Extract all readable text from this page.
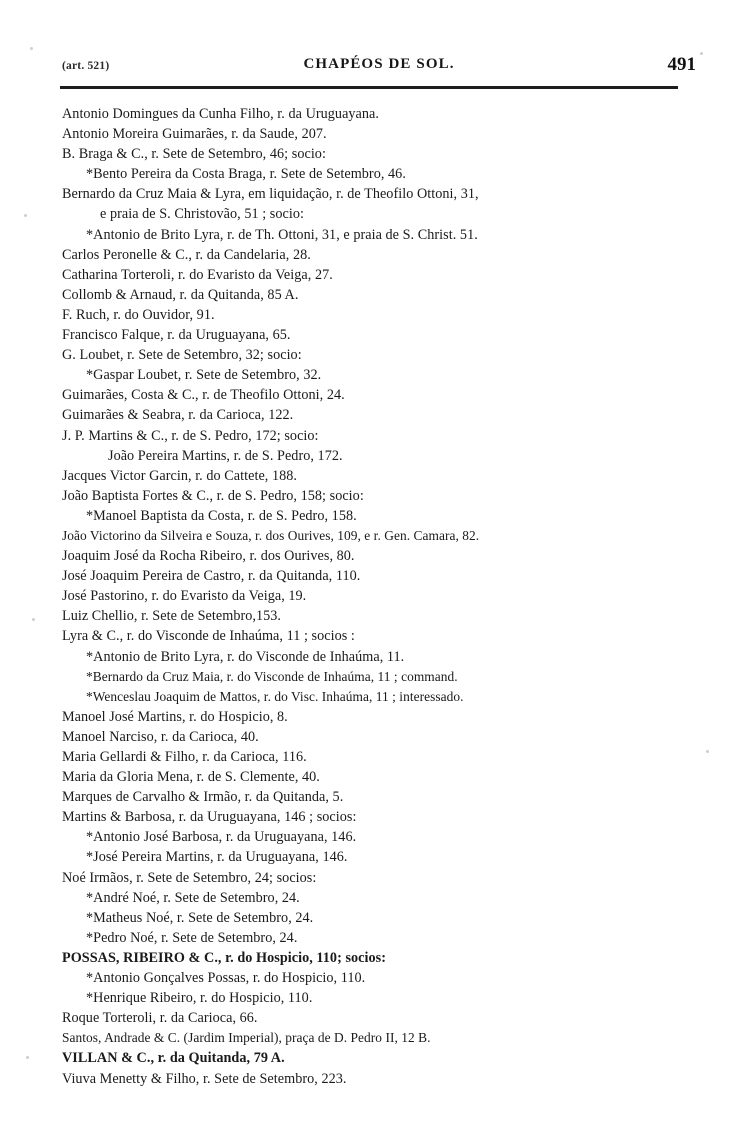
(art. 521)	CHAPÉOS DE SOL.	491
Antonio Domingues da Cunha Filho, r. da Uruguayana.
Antonio Moreira Guimarães, r. da Saude, 207.
B. Braga & C., r. Sete de Setembro, 46; socio:
*Bento Pereira da Costa Braga, r. Sete de Setembro, 46.
Bernardo da Cruz Maia & Lyra, em liquidação, r. de Theofilo Ottoni, 31,
e praia de S. Christovão, 51 ; socio:
*Antonio de Brito Lyra, r. de Th. Ottoni, 31, e praia de S. Christ. 51.
Carlos Peronelle & C., r. da Candelaria, 28.
Catharina Torteroli, r. do Evaristo da Veiga, 27.
Collomb & Arnaud, r. da Quitanda, 85 A.
F. Ruch, r. do Ouvidor, 91.
Francisco Falque, r. da Uruguayana, 65.
G. Loubet, r. Sete de Setembro, 32; socio:
*Gaspar Loubet, r. Sete de Setembro, 32.
Guimarães, Costa & C., r. de Theofilo Ottoni, 24.
Guimarães & Seabra, r. da Carioca, 122.
J. P. Martins & C., r. de S. Pedro, 172; socio:
João Pereira Martins, r. de S. Pedro, 172.
Jacques Victor Garcin, r. do Cattete, 188.
João Baptista Fortes & C., r. de S. Pedro, 158; socio:
*Manoel Baptista da Costa, r. de S. Pedro, 158.
João Victorino da Silveira e Souza, r. dos Ourives, 109, e r. Gen. Camara, 82.
Joaquim José da Rocha Ribeiro, r. dos Ourives, 80.
José Joaquim Pereira de Castro, r. da Quitanda, 110.
José Pastorino, r. do Evaristo da Veiga, 19.
Luiz Chellio, r. Sete de Setembro,153.
Lyra & C., r. do Visconde de Inhaúma, 11 ; socios :
*Antonio de Brito Lyra, r. do Visconde de Inhaúma, 11.
*Bernardo da Cruz Maia, r. do Visconde de Inhaúma, 11 ; command.
*Wenceslau Joaquim de Mattos, r. do Visc. Inhaúma, 11 ; interessado.
Manoel José Martins, r. do Hospicio, 8.
Manoel Narciso, r. da Carioca, 40.
Maria Gellardi & Filho, r. da Carioca, 116.
Maria da Gloria Mena, r. de S. Clemente, 40.
Marques de Carvalho & Irmão, r. da Quitanda, 5.
Martins & Barbosa, r. da Uruguayana, 146 ; socios:
*Antonio José Barbosa, r. da Uruguayana, 146.
*José Pereira Martins, r. da Uruguayana, 146.
Noé Irmãos, r. Sete de Setembro, 24; socios:
*André Noé, r. Sete de Setembro, 24.
*Matheus Noé, r. Sete de Setembro, 24.
*Pedro Noé, r. Sete de Setembro, 24.
POSSAS, RIBEIRO & C., r. do Hospicio, 110; socios:
*Antonio Gonçalves Possas, r. do Hospicio, 110.
*Henrique Ribeiro, r. do Hospicio, 110.
Roque Torteroli, r. da Carioca, 66.
Santos, Andrade & C. (Jardim Imperial), praça de D. Pedro II, 12 B.
VILLAN & C., r. da Quitanda, 79 A.
Viuva Menetty & Filho, r. Sete de Setembro, 223.
